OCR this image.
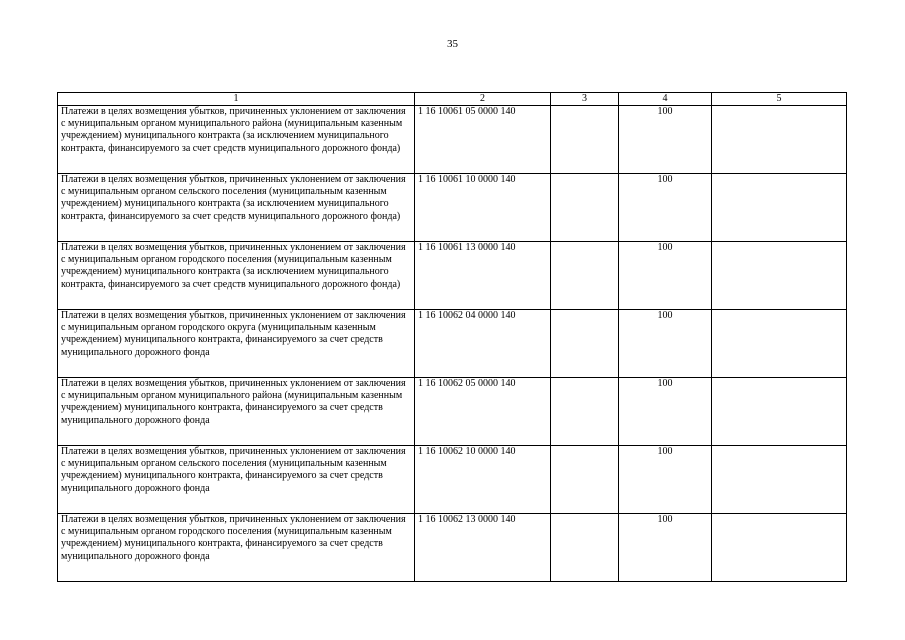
35
1	2	3	4	5
Платежи в целях возмещения убытков, причиненных уклонением от заключения с муниципальным органом муниципального района (муниципальным казенным учреждением) муниципального контракта (за исключением муниципального контракта, финансируемого за счет средств муниципального дорожного фонда)	1 16 10061 05 0000 140		100	
Платежи в целях возмещения убытков, причиненных уклонением от заключения с муниципальным органом сельского поселения (муниципальным казенным учреждением) муниципального контракта (за исключением муниципального контракта, финансируемого за счет средств муниципального дорожного фонда)	1 16 10061 10 0000 140		100	
Платежи в целях возмещения убытков, причиненных уклонением от заключения с муниципальным органом городского поселения (муниципальным казенным учреждением) муниципального контракта (за исключением муниципального контракта, финансируемого за счет средств муниципального дорожного фонда)	1 16 10061 13 0000 140		100	
Платежи в целях возмещения убытков, причиненных уклонением от заключения с муниципальным органом городского округа (муниципальным казенным учреждением) муниципального контракта, финансируемого за счет средств муниципального дорожного фонда	1 16 10062 04 0000 140		100	
Платежи в целях возмещения убытков, причиненных уклонением от заключения с муниципальным органом муниципального района (муниципальным казенным учреждением) муниципального контракта, финансируемого за счет средств муниципального дорожного фонда	1 16 10062 05 0000 140		100	
Платежи в целях возмещения убытков, причиненных уклонением от заключения с муниципальным органом сельского поселения (муниципальным казенным учреждением) муниципального контракта, финансируемого за счет средств муниципального дорожного фонда	1 16 10062 10 0000 140		100	
Платежи в целях возмещения убытков, причиненных уклонением от заключения с муниципальным органом городского поселения (муниципальным казенным учреждением) муниципального контракта, финансируемого за счет средств муниципального дорожного фонда	1 16 10062 13 0000 140		100	
